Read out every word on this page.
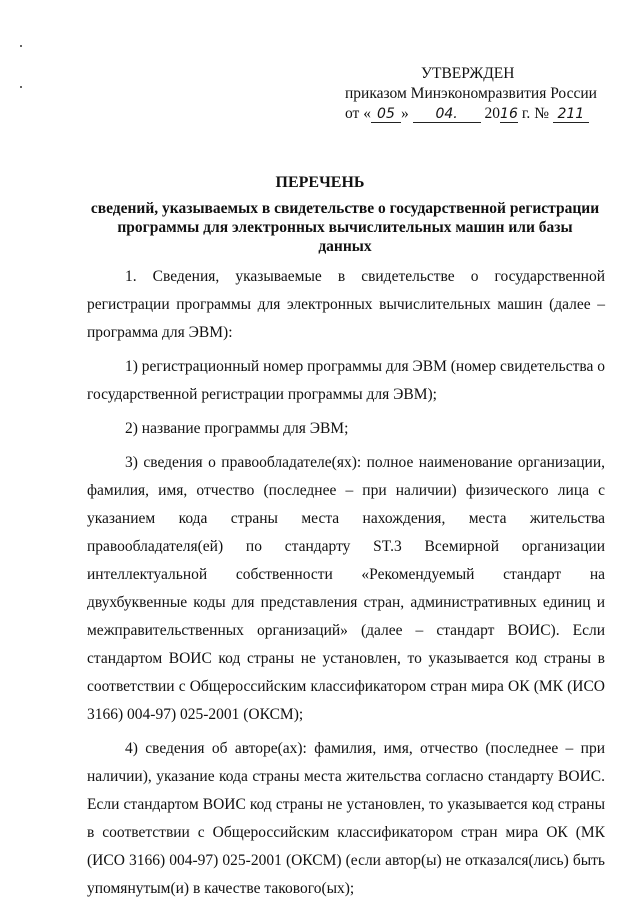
УТВЕРЖДЕН
приказом Минэкономразвития России
от « 05 » 04. 2016 г. № 211
ПЕРЕЧЕНЬ
сведений, указываемых в свидетельстве о государственной регистрации программы для электронных вычислительных машин или базы данных

1. Сведения, указываемые в свидетельстве о государственной регистрации программы для электронных вычислительных машин (далее – программа для ЭВМ):

1) регистрационный номер программы для ЭВМ (номер свидетельства о государственной регистрации программы для ЭВМ);

2) название программы для ЭВМ;

3) сведения о правообладателе(ях): полное наименование организации, фамилия, имя, отчество (последнее – при наличии) физического лица с указанием кода страны места нахождения, места жительства правообладателя(ей) по стандарту ST.3 Всемирной организации интеллектуальной собственности «Рекомендуемый стандарт на двухбуквенные коды для представления стран, административных единиц и межправительственных организаций» (далее – стандарт ВОИС). Если стандартом ВОИС код страны не установлен, то указывается код страны в соответствии с Общероссийским классификатором стран мира ОК (МК (ИСО 3166) 004-97) 025-2001 (ОКСМ);

4) сведения об авторе(ах): фамилия, имя, отчество (последнее – при наличии), указание кода страны места жительства согласно стандарту ВОИС. Если стандартом ВОИС код страны не установлен, то указывается код страны в соответствии с Общероссийским классификатором стран мира ОК (МК (ИСО 3166) 004-97) 025-2001 (ОКСМ) (если автор(ы) не отказался(лись) быть упомянутым(и) в качестве такового(ых);
